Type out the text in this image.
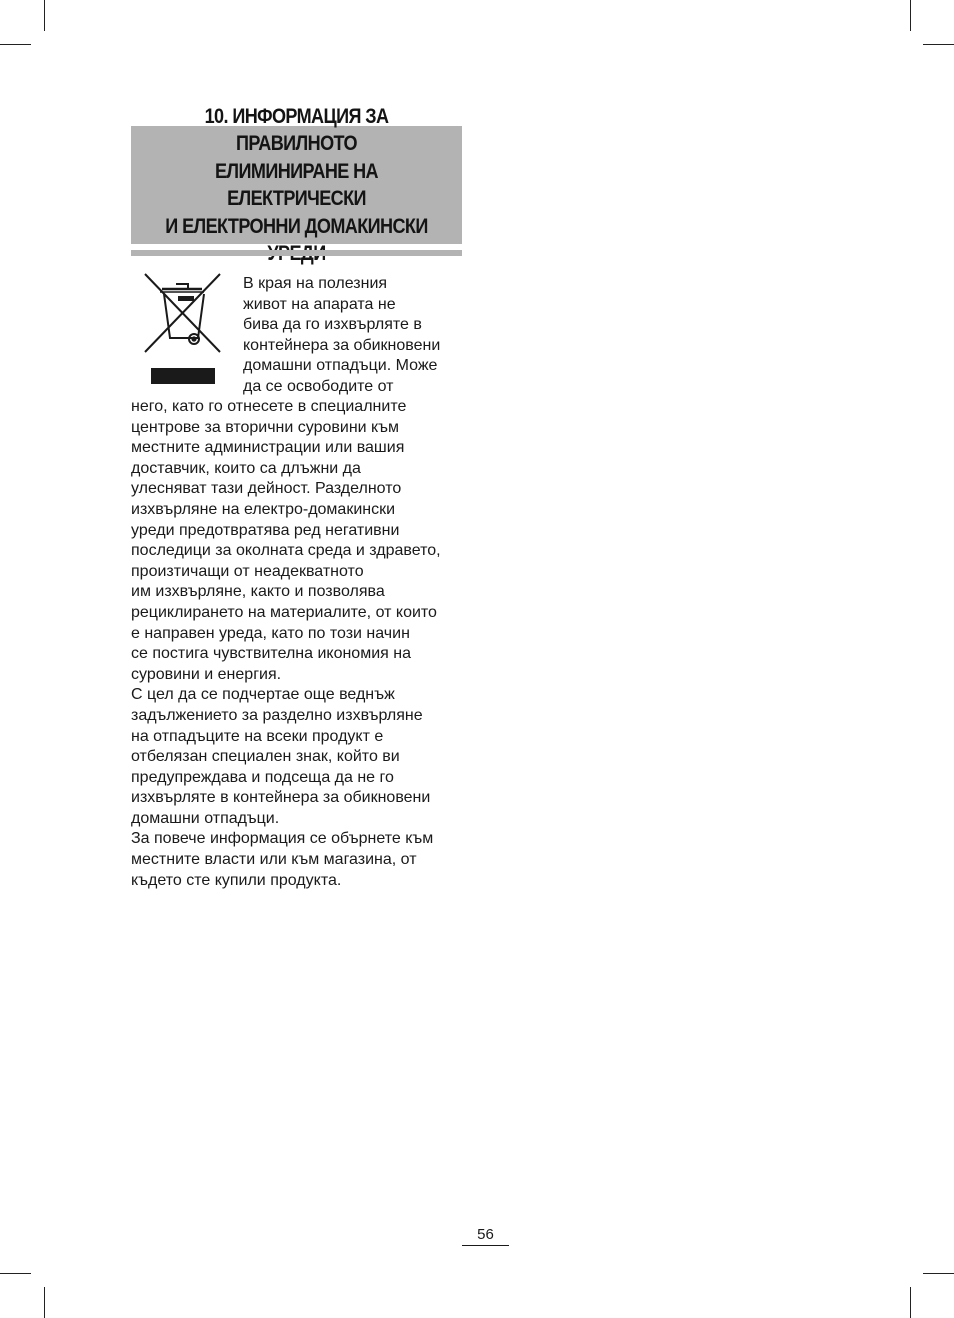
10. ИНФОРМАЦИЯ ЗА ПРАВИЛНОТО
ЕЛИМИНИРАНЕ НА ЕЛЕКТРИЧЕСКИ
И ЕЛЕКТРОННИ ДОМАКИНСКИ

В края на полезния
живот на апарата не
бива да го изхвърляте в
контейнера за обикновени
домашни отпадъци. Може
да се освободите от
него, като го отнесете в специалните
центрове за вторични суровини към
местните администрации или вашия
доставчик, които са длъжни да
улесняват тази дейност. Разделното
изхвърляне на електро-домакински
уреди предотвратява ред негативни
последици за околната среда и здравето,
произтичащи от неадекватното
им изхвърляне, както и позволява
рециклирането на материалите, от които
е направен уреда, като по този начин
се постига чувствителна икономия на
суровини и енергия.
С цел да се подчертае още веднъж
задължението за разделно изхвърляне
на отпадъците на всеки продукт е
отбелязан специален знак, който ви
предупреждава и подсеща да не го
изхвърляте в контейнера за обикновени
домашни отпадъци.
За повече информация се обърнете към
местните власти или към магазина, от
където сте купили продукта.
56
